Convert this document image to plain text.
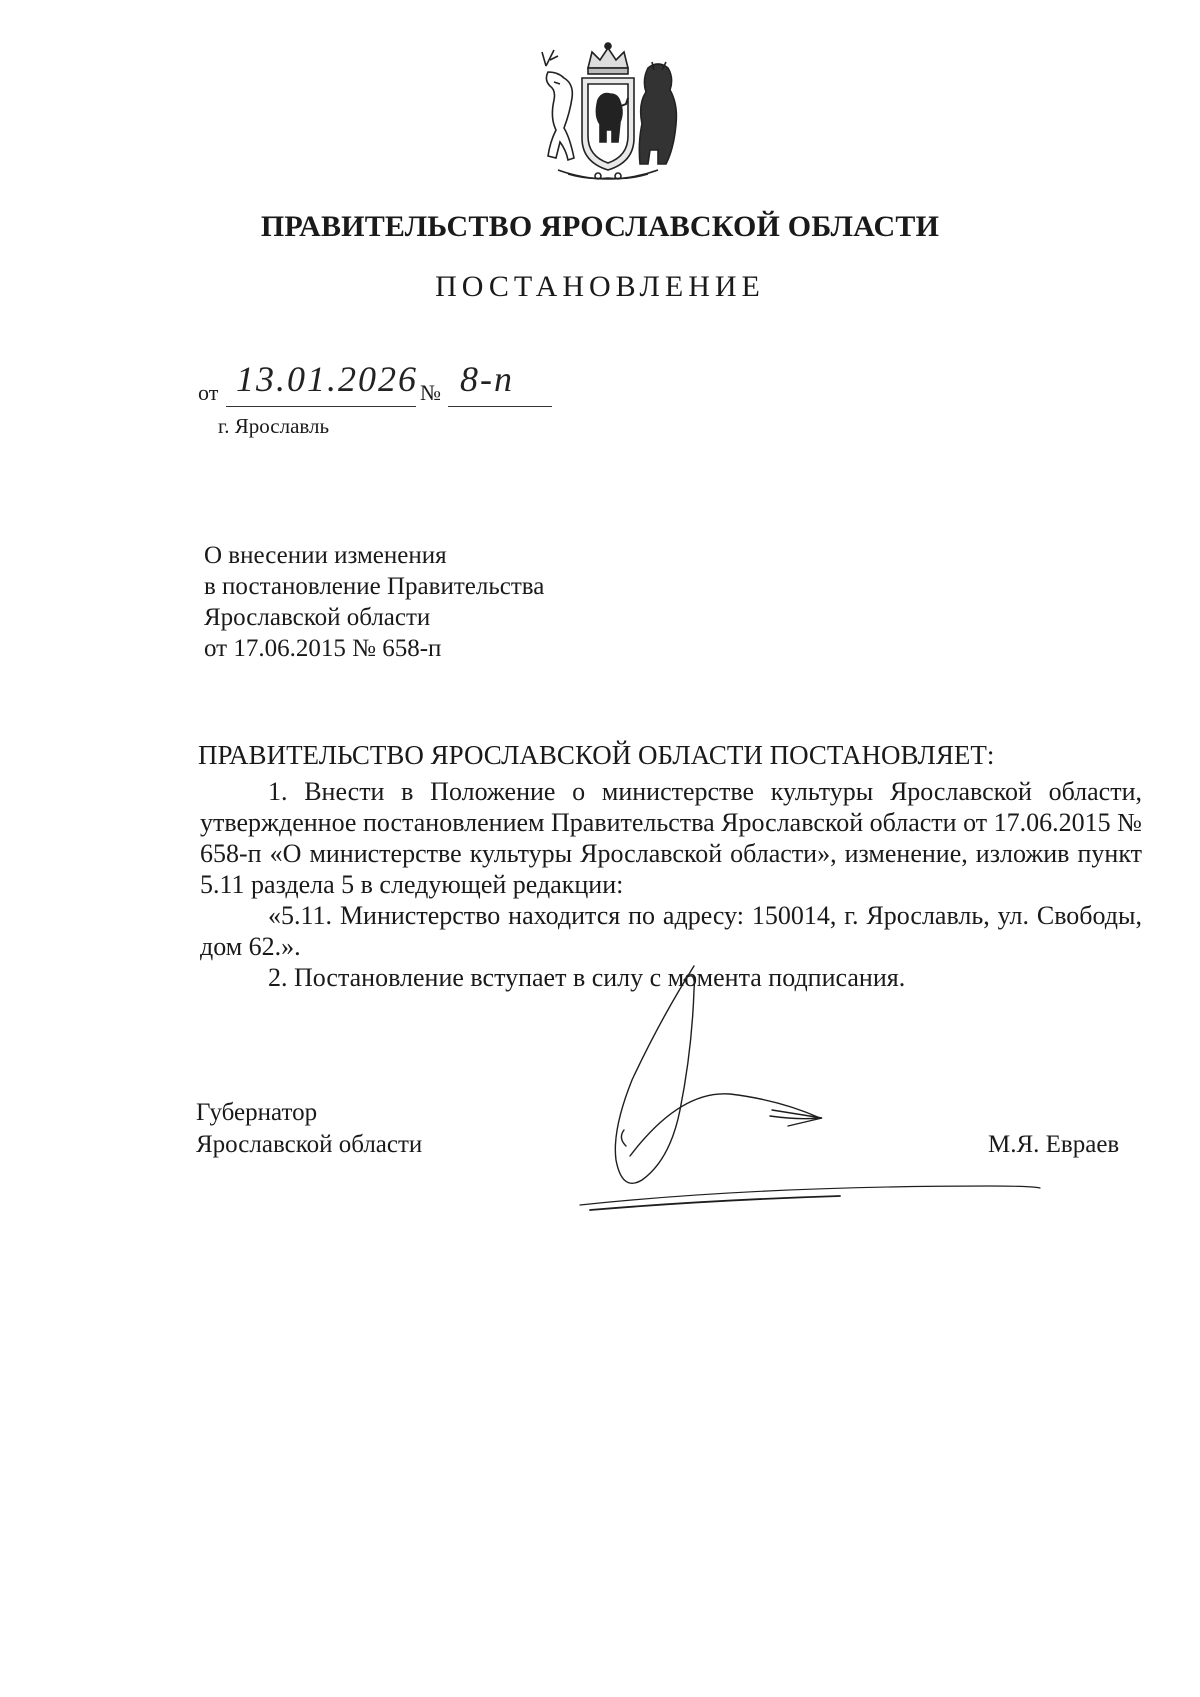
ПРАВИТЕЛЬСТВО ЯРОСЛАВСКОЙ ОБЛАСТИ
ПОСТАНОВЛЕНИЕ
от 13.01.2026 № 8-п
г. Ярославль
О внесении изменения
в постановление Правительства
Ярославской области
от 17.06.2015 № 658-п
ПРАВИТЕЛЬСТВО ЯРОСЛАВСКОЙ ОБЛАСТИ ПОСТАНОВЛЯЕТ:
1. Внести в Положение о министерстве культуры Ярославской области, утвержденное постановлением Правительства Ярославской области от 17.06.2015 № 658-п «О министерстве культуры Ярославской области», изменение, изложив пункт 5.11 раздела 5 в следующей редакции:
«5.11. Министерство находится по адресу: 150014, г. Ярославль, ул. Свободы, дом 62.».
2. Постановление вступает в силу с момента подписания.
Губернатор
Ярославской области	М.Я. Евраев
